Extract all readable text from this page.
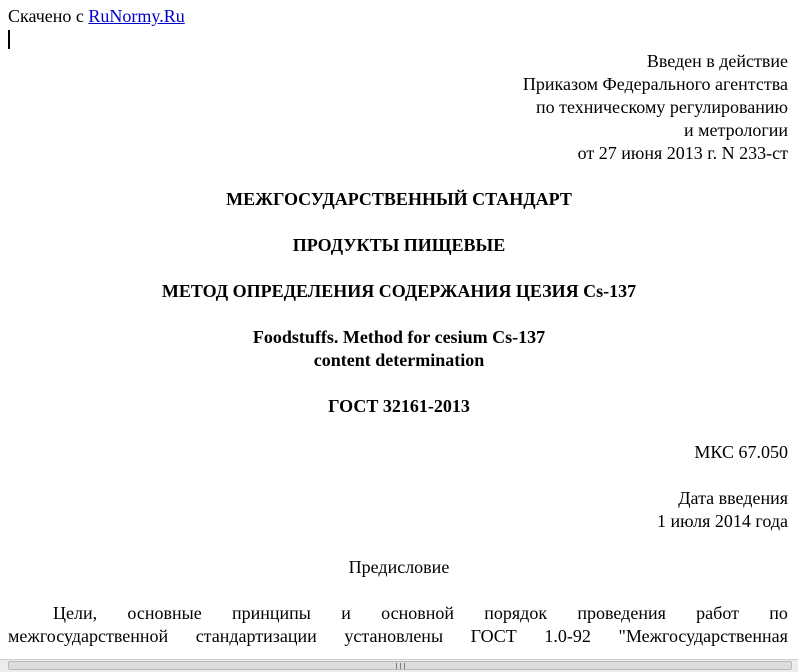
Скачено с RuNormy.Ru
Введен в действие
Приказом Федерального агентства
по техническому регулированию
и метрологии
от 27 июня 2013 г. N 233-ст
МЕЖГОСУДАРСТВЕННЫЙ СТАНДАРТ
ПРОДУКТЫ ПИЩЕВЫЕ
МЕТОД ОПРЕДЕЛЕНИЯ СОДЕРЖАНИЯ ЦЕЗИЯ Cs-137
Foodstuffs. Method for cesium Cs-137
content determination
ГОСТ 32161-2013
МКС 67.050
Дата введения
1 июля 2014 года
Предисловие
Цели, основные принципы и основной порядок проведения работ по
межгосударственной стандартизации установлены ГОСТ 1.0-92 "Межгосударственная
